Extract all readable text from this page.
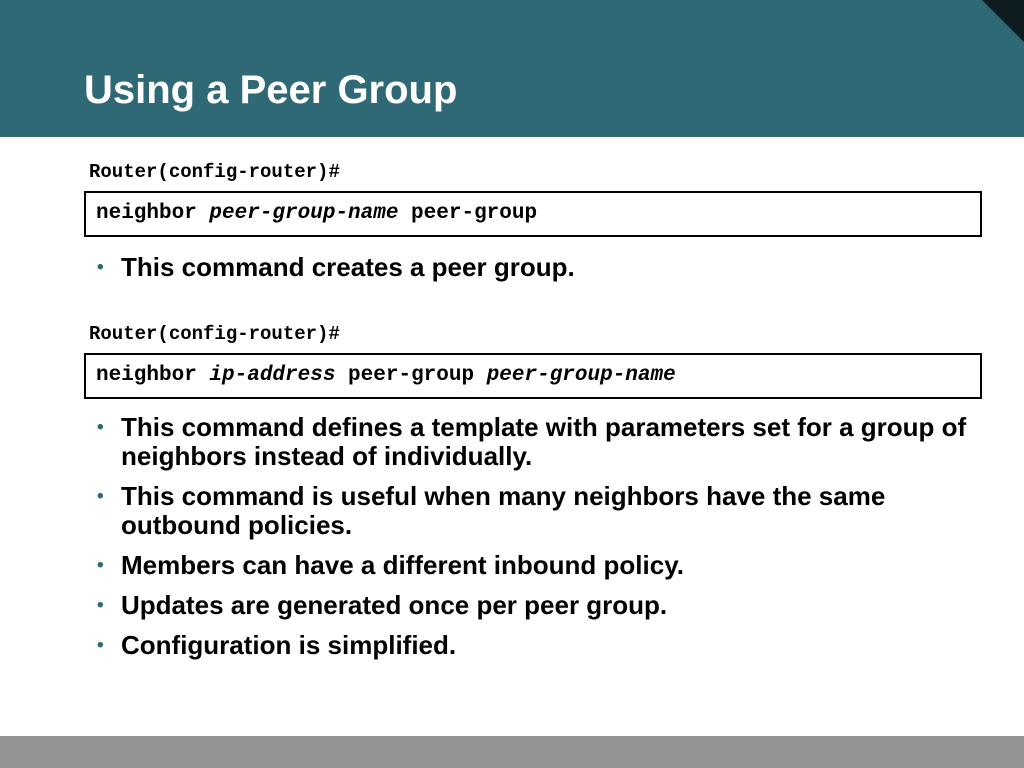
Using a Peer Group
Router(config-router)#
neighbor peer-group-name peer-group
• This command creates a peer group.
Router(config-router)#
neighbor ip-address peer-group peer-group-name
• This command defines a template with parameters set for a group of neighbors instead of individually.
• This command is useful when many neighbors have the same outbound policies.
• Members can have a different inbound policy.
• Updates are generated once per peer group.
• Configuration is simplified.
